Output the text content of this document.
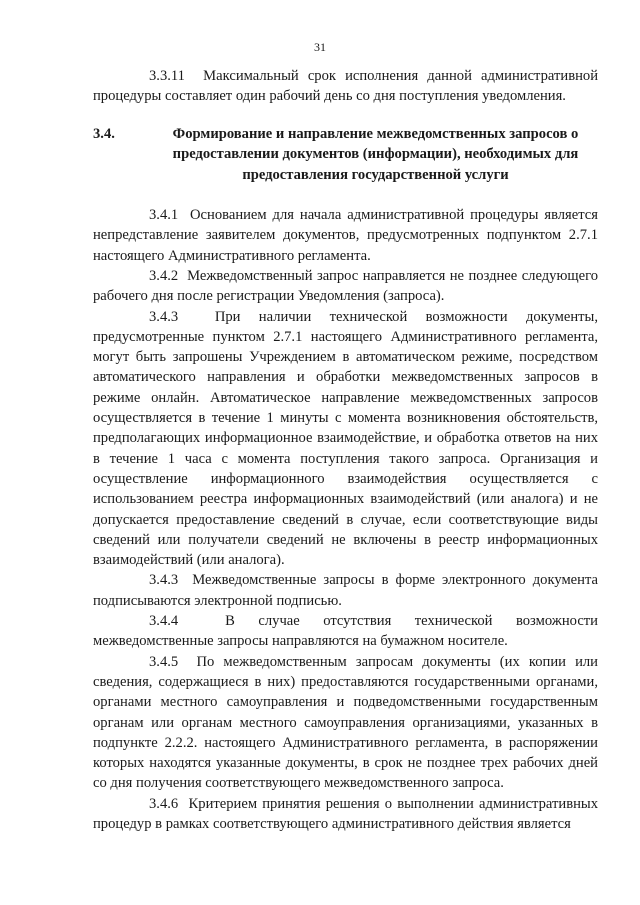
31

3.3.11 Максимальный срок исполнения данной административной процедуры составляет один рабочий день со дня поступления уведомления.

3.4.	Формирование и направление межведомственных запросов о предоставлении документов (информации), необходимых для предоставления государственной услуги

3.4.1 Основанием для начала административной процедуры является непредставление заявителем документов, предусмотренных подпунктом 2.7.1 настоящего Административного регламента.

3.4.2 Межведомственный запрос направляется не позднее следующего рабочего дня после регистрации Уведомления (запроса).

3.4.3	При наличии технической возможности документы, предусмотренные пунктом 2.7.1 настоящего Административного регламента, могут быть запрошены Учреждением в автоматическом режиме, посредством автоматического направления и обработки межведомственных запросов в режиме онлайн. Автоматическое направление межведомственных запросов осуществляется в течение 1 минуты с момента возникновения обстоятельств, предполагающих информационное взаимодействие, и обработка ответов на них в течение 1 часа с момента поступления такого запроса. Организация и осуществление информационного взаимодействия осуществляется с использованием реестра информационных взаимодействий (или аналога) и не допускается предоставление сведений в случае, если соответствующие виды сведений или получатели сведений не включены в реестр информационных взаимодействий (или аналога).

3.4.3 Межведомственные запросы в форме электронного документа подписываются электронной подписью.

3.4.4	В случае отсутствия технической возможности межведомственные запросы направляются на бумажном носителе.

3.4.5 По межведомственным запросам документы (их копии или сведения, содержащиеся в них) предоставляются государственными органами, органами местного самоуправления и подведомственными государственным органам или органам местного самоуправления организациями, указанных в подпункте 2.2.2. настоящего Административного регламента, в распоряжении которых находятся указанные документы, в срок не позднее трех рабочих дней со дня получения соответствующего межведомственного запроса.

3.4.6 Критерием принятия решения о выполнении административных процедур в рамках соответствующего административного действия является
